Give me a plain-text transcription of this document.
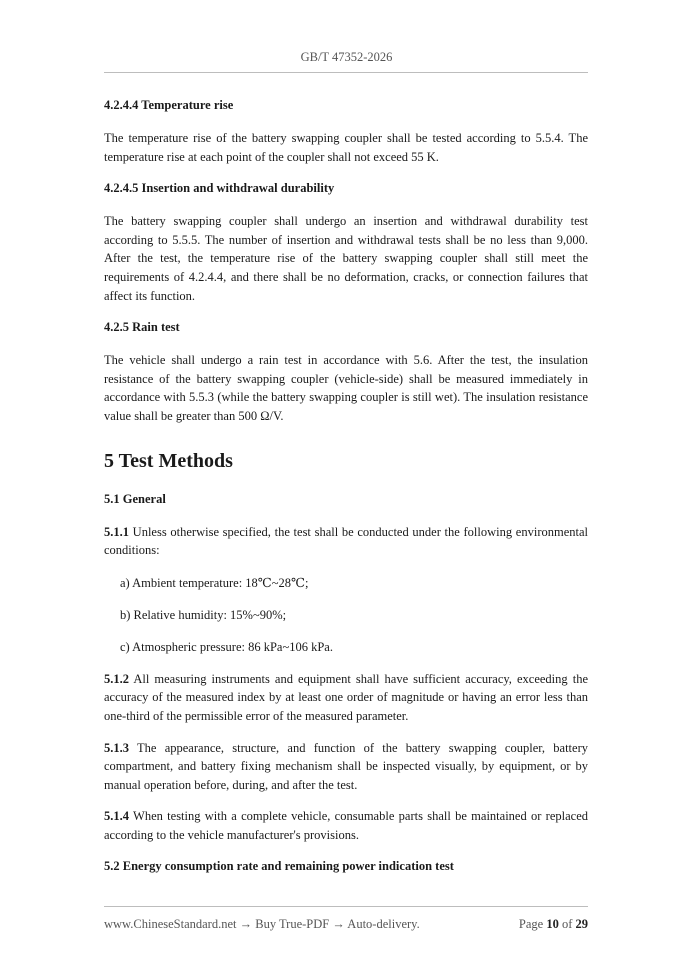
GB/T 47352-2026
4.2.4.4 Temperature rise

The temperature rise of the battery swapping coupler shall be tested according to 5.5.4. The temperature rise at each point of the coupler shall not exceed 55 K.

4.2.4.5 Insertion and withdrawal durability

The battery swapping coupler shall undergo an insertion and withdrawal durability test according to 5.5.5. The number of insertion and withdrawal tests shall be no less than 9,000. After the test, the temperature rise of the battery swapping coupler shall still meet the requirements of 4.2.4.4, and there shall be no deformation, cracks, or connection failures that affect its function.

4.2.5 Rain test

The vehicle shall undergo a rain test in accordance with 5.6. After the test, the insulation resistance of the battery swapping coupler (vehicle-side) shall be measured immediately in accordance with 5.5.3 (while the battery swapping coupler is still wet). The insulation resistance value shall be greater than 500 Ω/V.

5 Test Methods
5.1 General

5.1.1 Unless otherwise specified, the test shall be conducted under the following environmental conditions:

a) Ambient temperature: 18℃~28℃;
b) Relative humidity: 15%~90%;
c) Atmospheric pressure: 86 kPa~106 kPa.

5.1.2 All measuring instruments and equipment shall have sufficient accuracy, exceeding the accuracy of the measured index by at least one order of magnitude or having an error less than one-third of the permissible error of the measured parameter.

5.1.3 The appearance, structure, and function of the battery swapping coupler, battery compartment, and battery fixing mechanism shall be inspected visually, by equipment, or by manual operation before, during, and after the test.

5.1.4 When testing with a complete vehicle, consumable parts shall be maintained or replaced according to the vehicle manufacturer's provisions.

5.2 Energy consumption rate and remaining power indication test
www.ChineseStandard.net → Buy True-PDF → Auto-delivery.	Page 10 of 29
